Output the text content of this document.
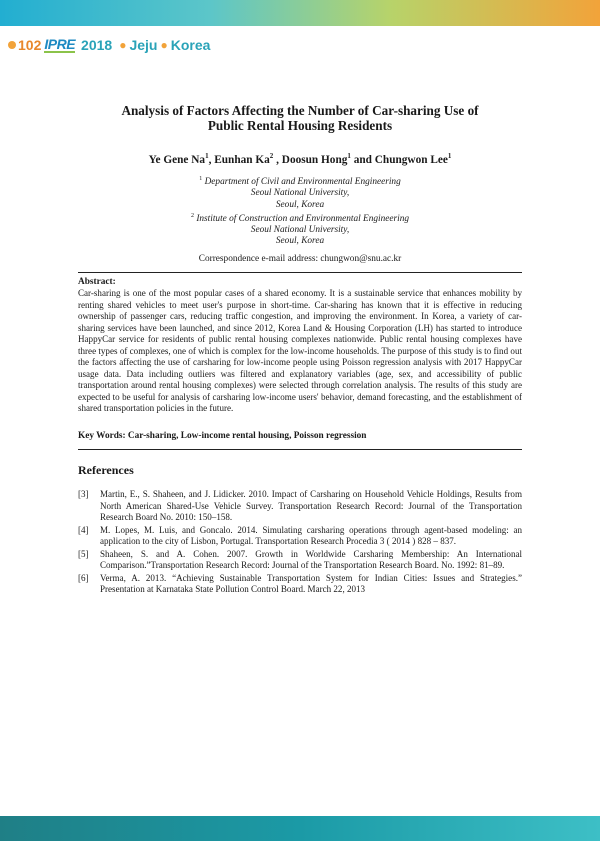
102 IPRE 2018 ● Jeju ● Korea
Analysis of Factors Affecting the Number of Car-sharing Use of
Public Rental Housing Residents
Ye Gene Na$^1$, Eunhan Ka$^2$ , Doosun Hong$^1$ and Chungwon Lee$^1$
$^1$ Department of Civil and Environmental Engineering
Seoul National University,
Seoul, Korea
$^2$ Institute of Construction and Environmental Engineering
Seoul National University,
Seoul, Korea
Correspondence e-mail address: chungwon@snu.ac.kr
Abstract:

Car-sharing is one of the most popular cases of a shared economy. It is a sustainable service that enhances mobility by renting shared vehicles to meet user's purpose in short-time. Car-sharing has known that it is effective in reducing ownership of passenger cars, reducing traffic congestion, and improving the environment. In Korea, a variety of car-sharing services have been launched, and since 2012, Korea Land & Housing Corporation (LH) has started to introduce HappyCar service for residents of public rental housing complexes nationwide. Public rental housing complexes have three types of complexes, one of which is complex for the low-income households. The purpose of this study is to find out the factors affecting the use of carsharing for low-income people using Poisson regression analysis with 2017 HappyCar usage data. Data including outliers was filtered and explanatory variables (age, sex, and accessibility of public transportation around rental housing complexes) were selected through correlation analysis. The results of this study are expected to be useful for analysis of carsharing low-income users' behavior, demand forecasting, and the establishment of shared transportation policies in the future.

Key Words: Car-sharing, Low-income rental housing, Poisson regression
References
[3]	Martin, E., S. Shaheen, and J. Lidicker. 2010. Impact of Carsharing on Household Vehicle Holdings, Results from North American Shared-Use Vehicle Survey. Transportation Research Record: Journal of the Transportation Research Board No. 2010: 150–158.
[4]	M. Lopes, M. Luis, and Goncalo. 2014. Simulating carsharing operations through agent-based modeling: an application to the city of Lisbon, Portugal. Transportation Research Procedia 3 ( 2014 ) 828 – 837.
[5]	Shaheen, S. and A. Cohen. 2007. Growth in Worldwide Carsharing Membership: An International Comparison.”Transportation Research Record: Journal of the Transportation Research Board. No. 1992: 81–89.
[6]	Verma, A. 2013. “Achieving Sustainable Transportation System for Indian Cities: Issues and Strategies.” Presentation at Karnataka State Pollution Control Board. March 22, 2013
